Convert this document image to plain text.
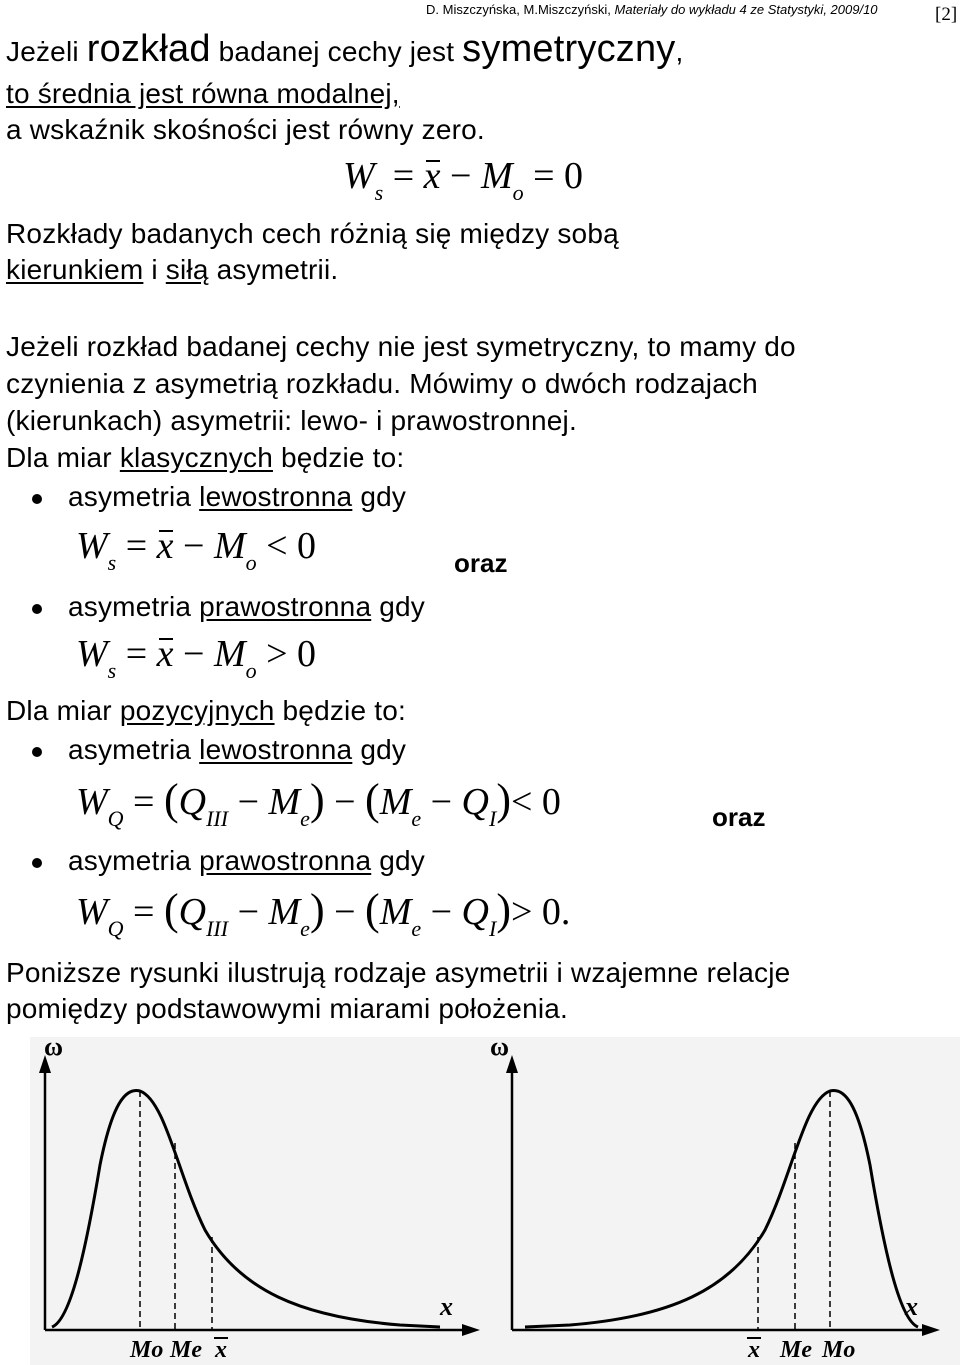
D. Miszczyńska, M.Miszczyński, Materiały do wykładu 4 ze Statystyki, 2009/10	[2]
Jeżeli rozkład badanej cechy jest symetryczny,
to średnia jest równa modalnej,
a wskaźnik skośności jest równy zero.
$W_s = x - M_o = 0$
Rozkłady badanych cech różnią się między sobą
kierunkiem i siłą asymetrii.
Jeżeli rozkład badanej cechy nie jest symetryczny, to mamy do
czynienia z asymetrią rozkładu. Mówimy o dwóch rodzajach
(kierunkach) asymetrii: lewo- i prawostronnej.
Dla miar klasycznych będzie to:
asymetria lewostronna gdy
$W_s = x - M_o < 0$	oraz
asymetria prawostronna gdy
$W_s = x - M_o > 0$
Dla miar pozycyjnych będzie to:
asymetria lewostronna gdy
$W_Q = (Q_{III} - M_e) - (M_e - Q_I)< 0$	oraz
asymetria prawostronna gdy
$W_Q = (Q_{III} - M_e) - (M_e - Q_I)> 0$.
Poniższe rysunki ilustrują rodzaje asymetrii i wzajemne relacje
pomiędzy podstawowymi miarami położenia.
ω
x
Mo Me x
ω
x
x Me Mo
